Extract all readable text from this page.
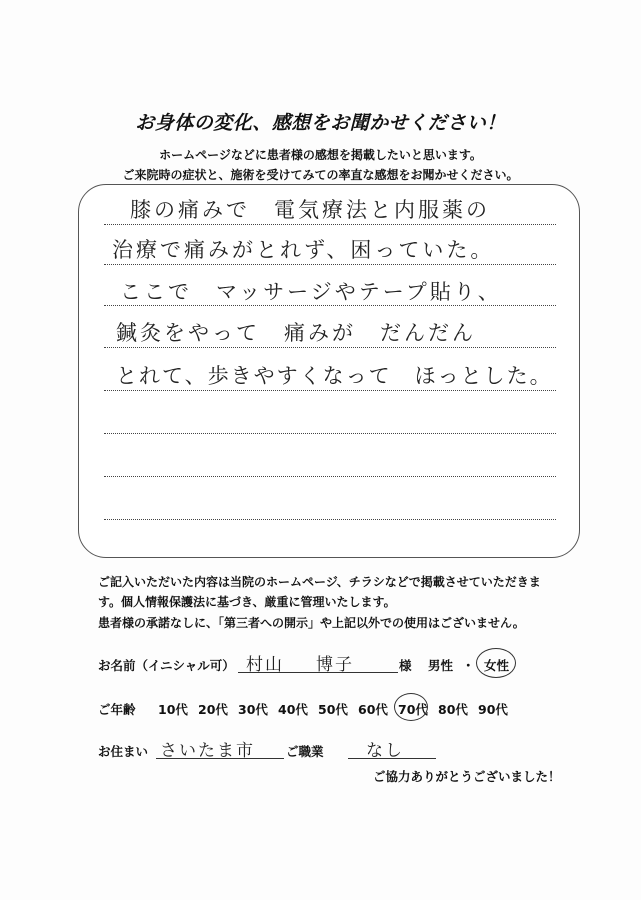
お身体の変化、感想をお聞かせください！
ホームページなどに患者様の感想を掲載したいと思います。
ご来院時の症状と、施術を受けてみての率直な感想をお聞かせください。
膝の痛みで　電気療法と内服薬の
治療で痛みがとれず、困っていた。
ここで　マッサージやテープ貼り、
鍼灸をやって　痛みが　だんだん
とれて、歩きやすくなって　ほっとした。
ご記入いただいた内容は当院のホームページ、チラシなどで掲載させていただきま
す。個人情報保護法に基づき、厳重に管理いたします。
患者様の承諾なしに、「第三者への開示」や上記以外での使用はございません。
お名前（イニシャル可） 村山 博子	様 男性 ・ 女性
ご年齢 10代 20代 30代 40代 50代 60代 70代 80代 90代
お住まい さいたま市 ご職業 なし
ご協力ありがとうございました！
